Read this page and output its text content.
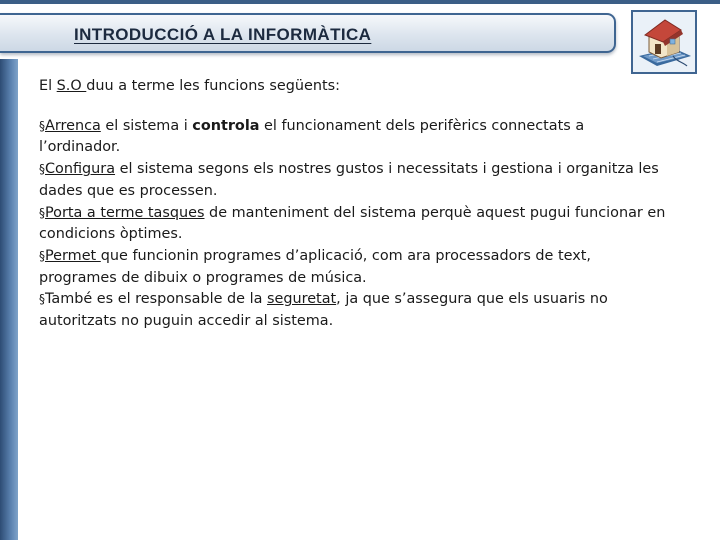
INTRODUCCIÓ A LA INFORMÀTICA

El S.O duu a terme les funcions següents:

§Arrenca el sistema i controla el funcionament dels perifèrics connectats a l’ordinador.

§Configura el sistema segons els nostres gustos i necessitats i gestiona i organitza les dades que es processen.

§Porta a terme tasques de manteniment del sistema perquè aquest pugui funcionar en condicions òptimes.

§Permet que funcionin programes d’aplicació, com ara processadors de text, programes de dibuix o programes de música.

§També es el responsable de la seguretat, ja que s’assegura que els usuaris no autoritzats no puguin accedir al sistema.
